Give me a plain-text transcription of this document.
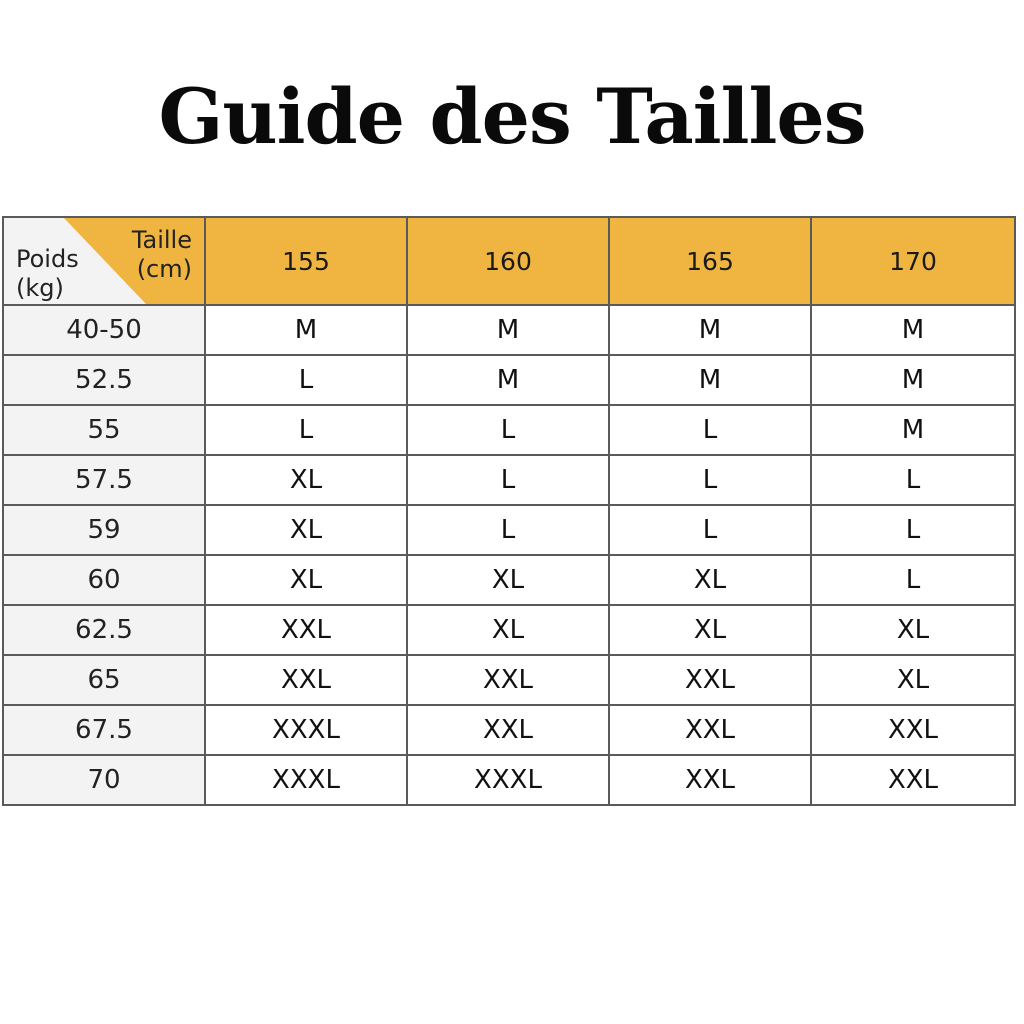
Guide des Tailles
Taille
(cm)
Poids
(kg)	155	160	165	170
40-50	M	M	M	M
52.5	L	M	M	M
55	L	L	L	M
57.5	XL	L	L	L
59	XL	L	L	L
60	XL	XL	XL	L
62.5	XXL	XL	XL	XL
65	XXL	XXL	XXL	XL
67.5	XXXL	XXL	XXL	XXL
70	XXXL	XXXL	XXL	XXL
